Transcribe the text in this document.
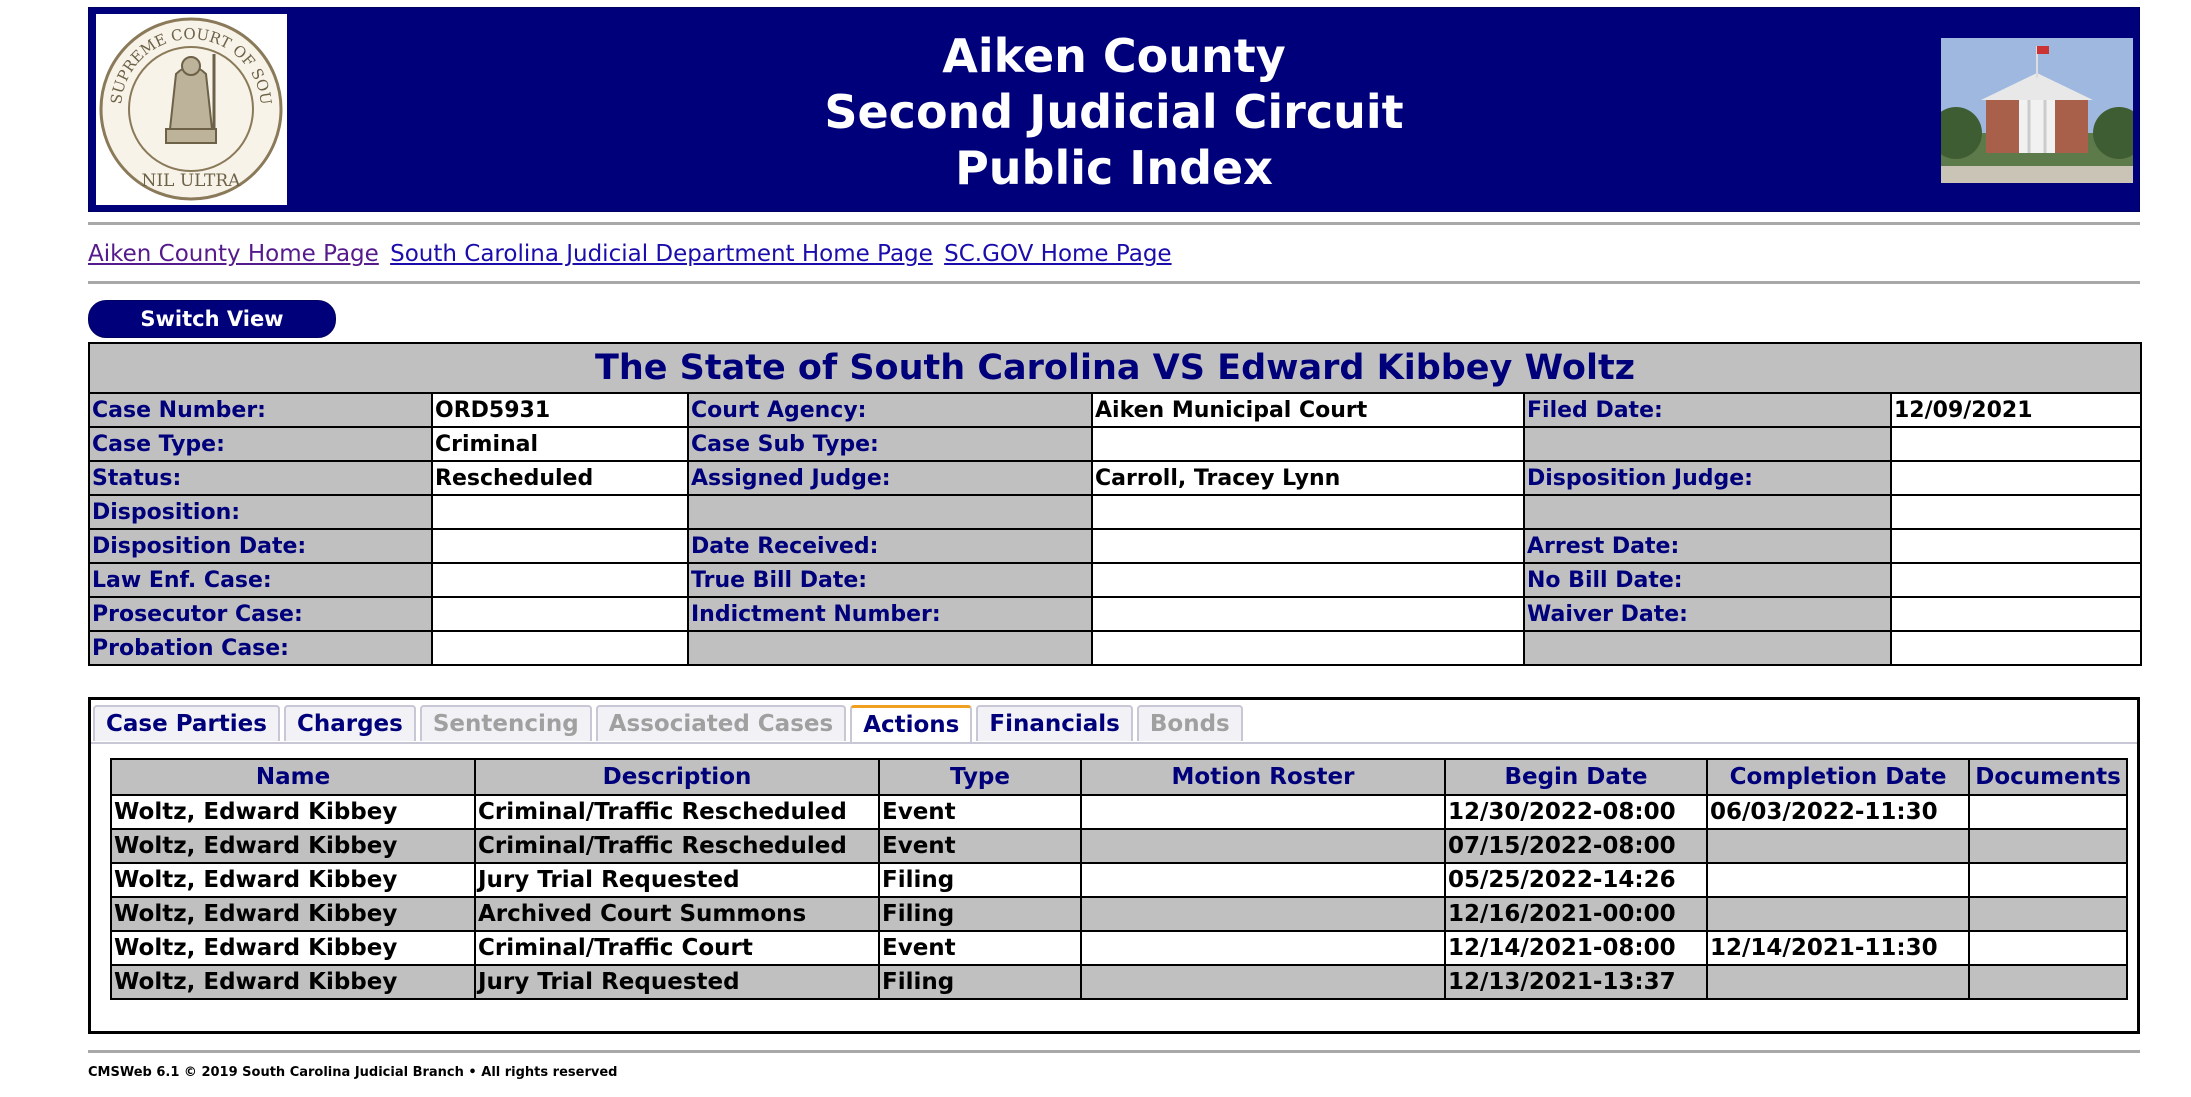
SUPREME COURT OF SOU
NIL ULTRA
Aiken County
Second Judicial Circuit
Public Index
Aiken County Home Page South Carolina Judicial Department Home Page SC.GOV Home Page
Switch View
The State of South Carolina VS Edward Kibbey Woltz					
Case Number:	ORD5931	Court Agency:	Aiken Municipal Court	Filed Date:	12/09/2021
Case Type:	Criminal	Case Sub Type:			
Status:	Rescheduled	Assigned Judge:	Carroll, Tracey Lynn	Disposition Judge:	
Disposition:					
Disposition Date:		Date Received:		Arrest Date:	
Law Enf. Case:		True Bill Date:		No Bill Date:	
Prosecutor Case:		Indictment Number:		Waiver Date:	
Probation Case:					
Case Parties	Charges	Sentencing	Associated Cases	Actions	Financials	Bonds
Name	Description	Type	Motion Roster	Begin Date	Completion Date	Documents
Woltz, Edward Kibbey	Criminal/Traffic Rescheduled	Event		12/30/2022-08:00	06/03/2022-11:30	
Woltz, Edward Kibbey	Criminal/Traffic Rescheduled	Event		07/15/2022-08:00		
Woltz, Edward Kibbey	Jury Trial Requested	Filing		05/25/2022-14:26		
Woltz, Edward Kibbey	Archived Court Summons	Filing		12/16/2021-00:00		
Woltz, Edward Kibbey	Criminal/Traffic Court	Event		12/14/2021-08:00	12/14/2021-11:30	
Woltz, Edward Kibbey	Jury Trial Requested	Filing		12/13/2021-13:37		
CMSWeb 6.1 © 2019 South Carolina Judicial Branch • All rights reserved
